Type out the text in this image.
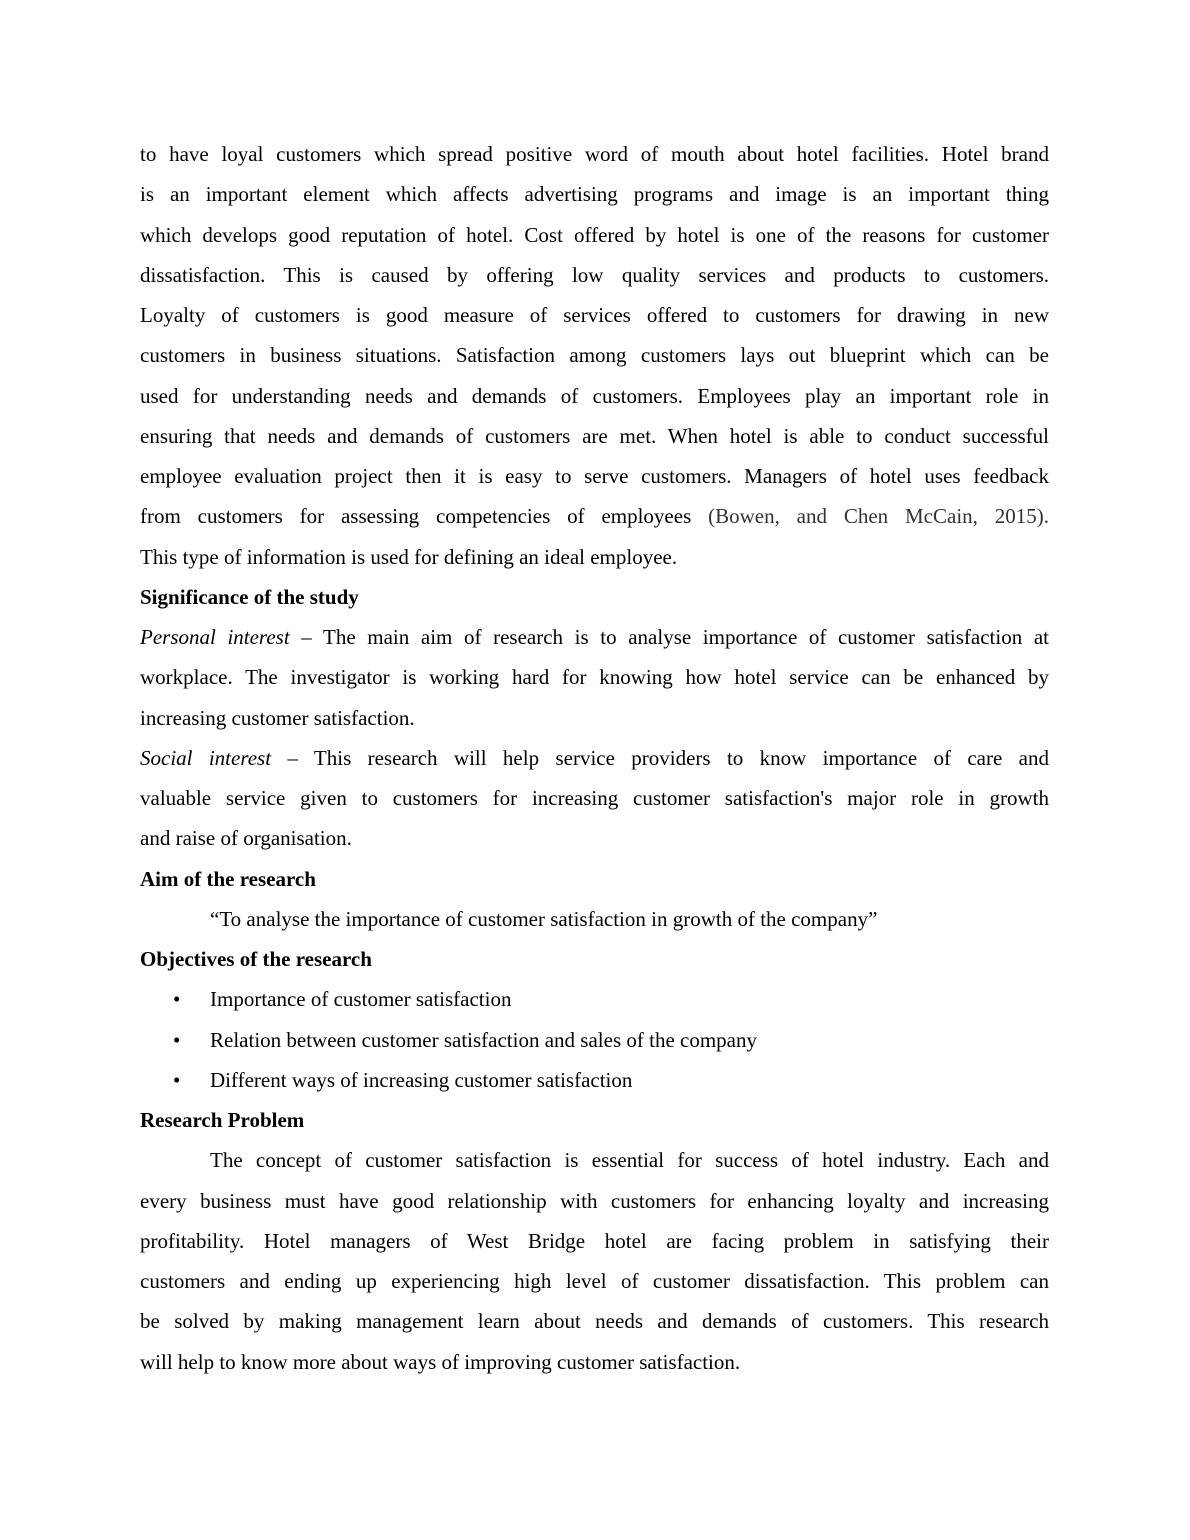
to have loyal customers which spread positive word of mouth about hotel facilities. Hotel brand
is an important element which affects advertising programs and image is an important thing
which develops good reputation of hotel. Cost offered by hotel is one of the reasons for customer
dissatisfaction. This is caused by offering low quality services and products to customers.
Loyalty of customers is good measure of services offered to customers for drawing in new
customers in business situations. Satisfaction among customers lays out blueprint which can be
used for understanding needs and demands of customers. Employees play an important role in
ensuring that needs and demands of customers are met. When hotel is able to conduct successful
employee evaluation project then it is easy to serve customers. Managers of hotel uses feedback
from customers for assessing competencies of employees (Bowen, and Chen McCain, 2015).
This type of information is used for defining an ideal employee.
Significance of the study
Personal interest – The main aim of research is to analyse importance of customer satisfaction at
workplace. The investigator is working hard for knowing how hotel service can be enhanced by
increasing customer satisfaction.
Social interest – This research will help service providers to know importance of care and
valuable service given to customers for increasing customer satisfaction's major role in growth
and raise of organisation.
Aim of the research
“To analyse the importance of customer satisfaction in growth of the company”
Objectives of the research
• Importance of customer satisfaction
• Relation between customer satisfaction and sales of the company
• Different ways of increasing customer satisfaction
Research Problem
The concept of customer satisfaction is essential for success of hotel industry. Each and
every business must have good relationship with customers for enhancing loyalty and increasing
profitability. Hotel managers of West Bridge hotel are facing problem in satisfying their
customers and ending up experiencing high level of customer dissatisfaction. This problem can
be solved by making management learn about needs and demands of customers. This research
will help to know more about ways of improving customer satisfaction.
